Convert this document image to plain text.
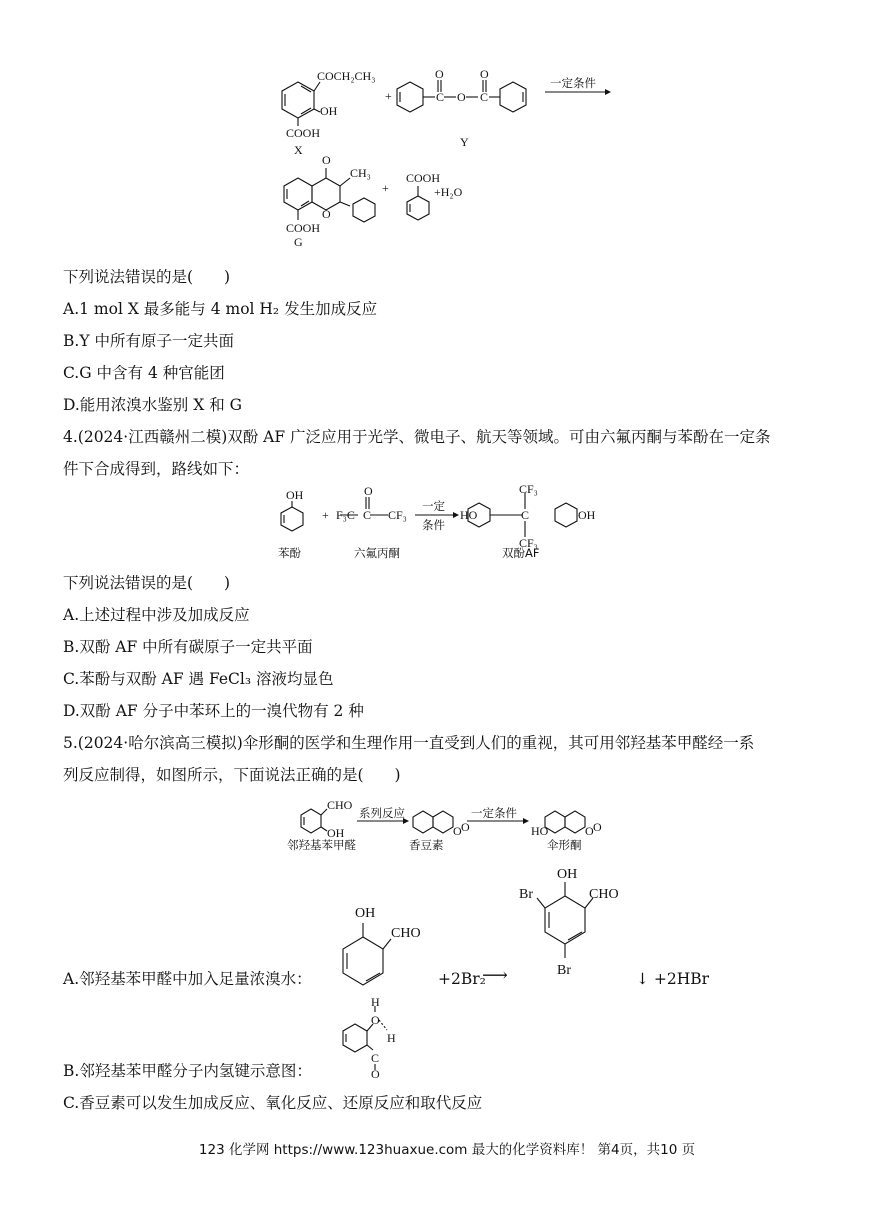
COCH₂CH₃
OH
COOH
X
+
O	O
C O C
Y
一定条件
O
CH₃
O
COOH
G
+
COOH
+H₂O
下列说法错误的是(　　)
A.1 mol X 最多能与 4 mol H₂ 发生加成反应
B.Y 中所有原子一定共面
C.G 中含有 4 种官能团
D.能用浓溴水鉴别 X 和 G
4.(2024·江西赣州二模)双酚 AF 广泛应用于光学、微电子、航天等领域。可由六氟丙酮与苯酚在一定条
件下合成得到，路线如下：
OH
+ F₃C
O
C CF₃
一定
条件
HO	C
CF₃
CF₃
OH
苯酚	六氟丙酮	双酚AF
下列说法错误的是(　　)
A.上述过程中涉及加成反应
B.双酚 AF 中所有碳原子一定共平面
C.苯酚与双酚 AF 遇 FeCl₃ 溶液均显色
D.双酚 AF 分子中苯环上的一溴代物有 2 种
5.(2024·哈尔滨高三模拟)伞形酮的医学和生理作用一直受到人们的重视，其可用邻羟基苯甲醛经一系
列反应制得，如图所示，下面说法正确的是(　　)
CHO
OH
系列反应
O O
一定条件
HO	O O
邻羟基苯甲醛	香豆素	伞形酮
OH
CHO
A.邻羟基苯甲醛中加入足量浓溴水：	+2Br₂
⟶
OH
Br	CHO
Br	↓ +2HBr
H
O
H
C
O
B.邻羟基苯甲醛分子内氢键示意图：
C.香豆素可以发生加成反应、氧化反应、还原反应和取代反应
123 化学网 https://www.123huaxue.com 最大的化学资料库！ 第4页，共10 页
